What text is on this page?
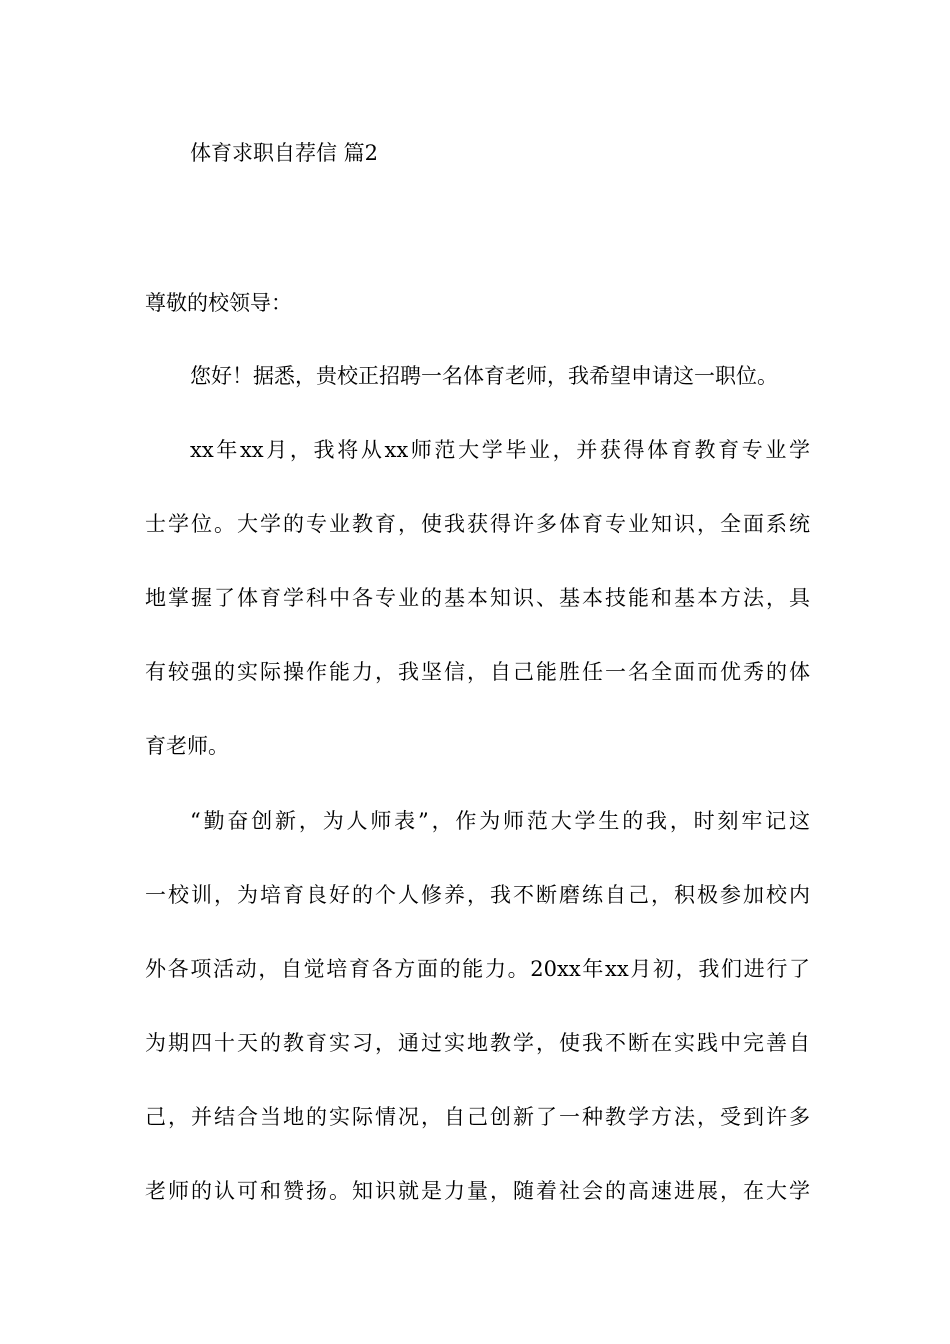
体育求职自荐信 篇2
尊敬的校领导：
您好！据悉，贵校正招聘一名体育老师，我希望申请这一职位。
xx年xx月，我将从xx师范大学毕业，并获得体育教育专业学
士学位。大学的专业教育，使我获得许多体育专业知识，全面系统
地掌握了体育学科中各专业的基本知识、基本技能和基本方法，具
有较强的实际操作能力，我坚信，自己能胜任一名全面而优秀的体
育老师。
“勤奋创新，为人师表”，作为师范大学生的我，时刻牢记这
一校训，为培育良好的个人修养，我不断磨练自己，积极参加校内
外各项活动，自觉培育各方面的能力。20xx年xx月初，我们进行了
为期四十天的教育实习，通过实地教学，使我不断在实践中完善自
己，并结合当地的实际情况，自己创新了一种教学方法，受到许多
老师的认可和赞扬。知识就是力量，随着社会的高速进展，在大学
